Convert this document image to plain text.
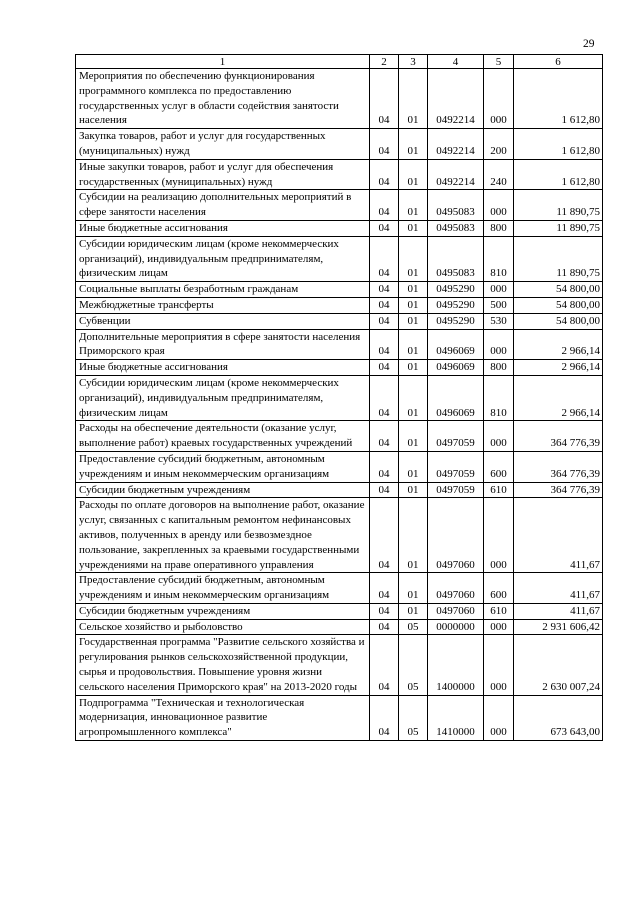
29
1	2	3	4	5	6
Мероприятия по обеспечению функционирования программного комплекса по предоставлению государственных услуг в области содействия занятости населения	04	01	0492214	000	1 612,80
Закупка товаров, работ и услуг для государственных (муниципальных) нужд	04	01	0492214	200	1 612,80
Иные закупки товаров, работ и услуг для обеспечения государственных (муниципальных) нужд	04	01	0492214	240	1 612,80
Субсидии на реализацию дополнительных мероприятий в сфере занятости населения	04	01	0495083	000	11 890,75
Иные бюджетные ассигнования	04	01	0495083	800	11 890,75
Субсидии юридическим лицам (кроме некоммерческих организаций), индивидуальным предпринимателям, физическим лицам	04	01	0495083	810	11 890,75
Социальные выплаты безработным гражданам	04	01	0495290	000	54 800,00
Межбюджетные трансферты	04	01	0495290	500	54 800,00
Субвенции	04	01	0495290	530	54 800,00
Дополнительные мероприятия в сфере занятости населения Приморского края	04	01	0496069	000	2 966,14
Иные бюджетные ассигнования	04	01	0496069	800	2 966,14
Субсидии юридическим лицам (кроме некоммерческих организаций), индивидуальным предпринимателям, физическим лицам	04	01	0496069	810	2 966,14
Расходы на обеспечение деятельности (оказание услуг, выполнение работ) краевых государственных учреждений	04	01	0497059	000	364 776,39
Предоставление субсидий бюджетным, автономным учреждениям и иным некоммерческим организациям	04	01	0497059	600	364 776,39
Субсидии бюджетным учреждениям	04	01	0497059	610	364 776,39
Расходы по оплате договоров на выполнение работ, оказание услуг, связанных с капитальным ремонтом нефинансовых активов, полученных в аренду или безвозмездное пользование, закрепленных за краевыми государственными учреждениями на праве оперативного управления	04	01	0497060	000	411,67
Предоставление субсидий бюджетным, автономным учреждениям и иным некоммерческим организациям	04	01	0497060	600	411,67
Субсидии бюджетным учреждениям	04	01	0497060	610	411,67
Сельское хозяйство и рыболовство	04	05	0000000	000	2 931 606,42
Государственная программа "Развитие сельского хозяйства и регулирования рынков сельскохозяйственной продукции, сырья и продовольствия. Повышение уровня жизни сельского населения Приморского края" на 2013-2020 годы	04	05	1400000	000	2 630 007,24
Подпрограмма "Техническая и технологическая модернизация, инновационное развитие агропромышленного комплекса"	04	05	1410000	000	673 643,00
